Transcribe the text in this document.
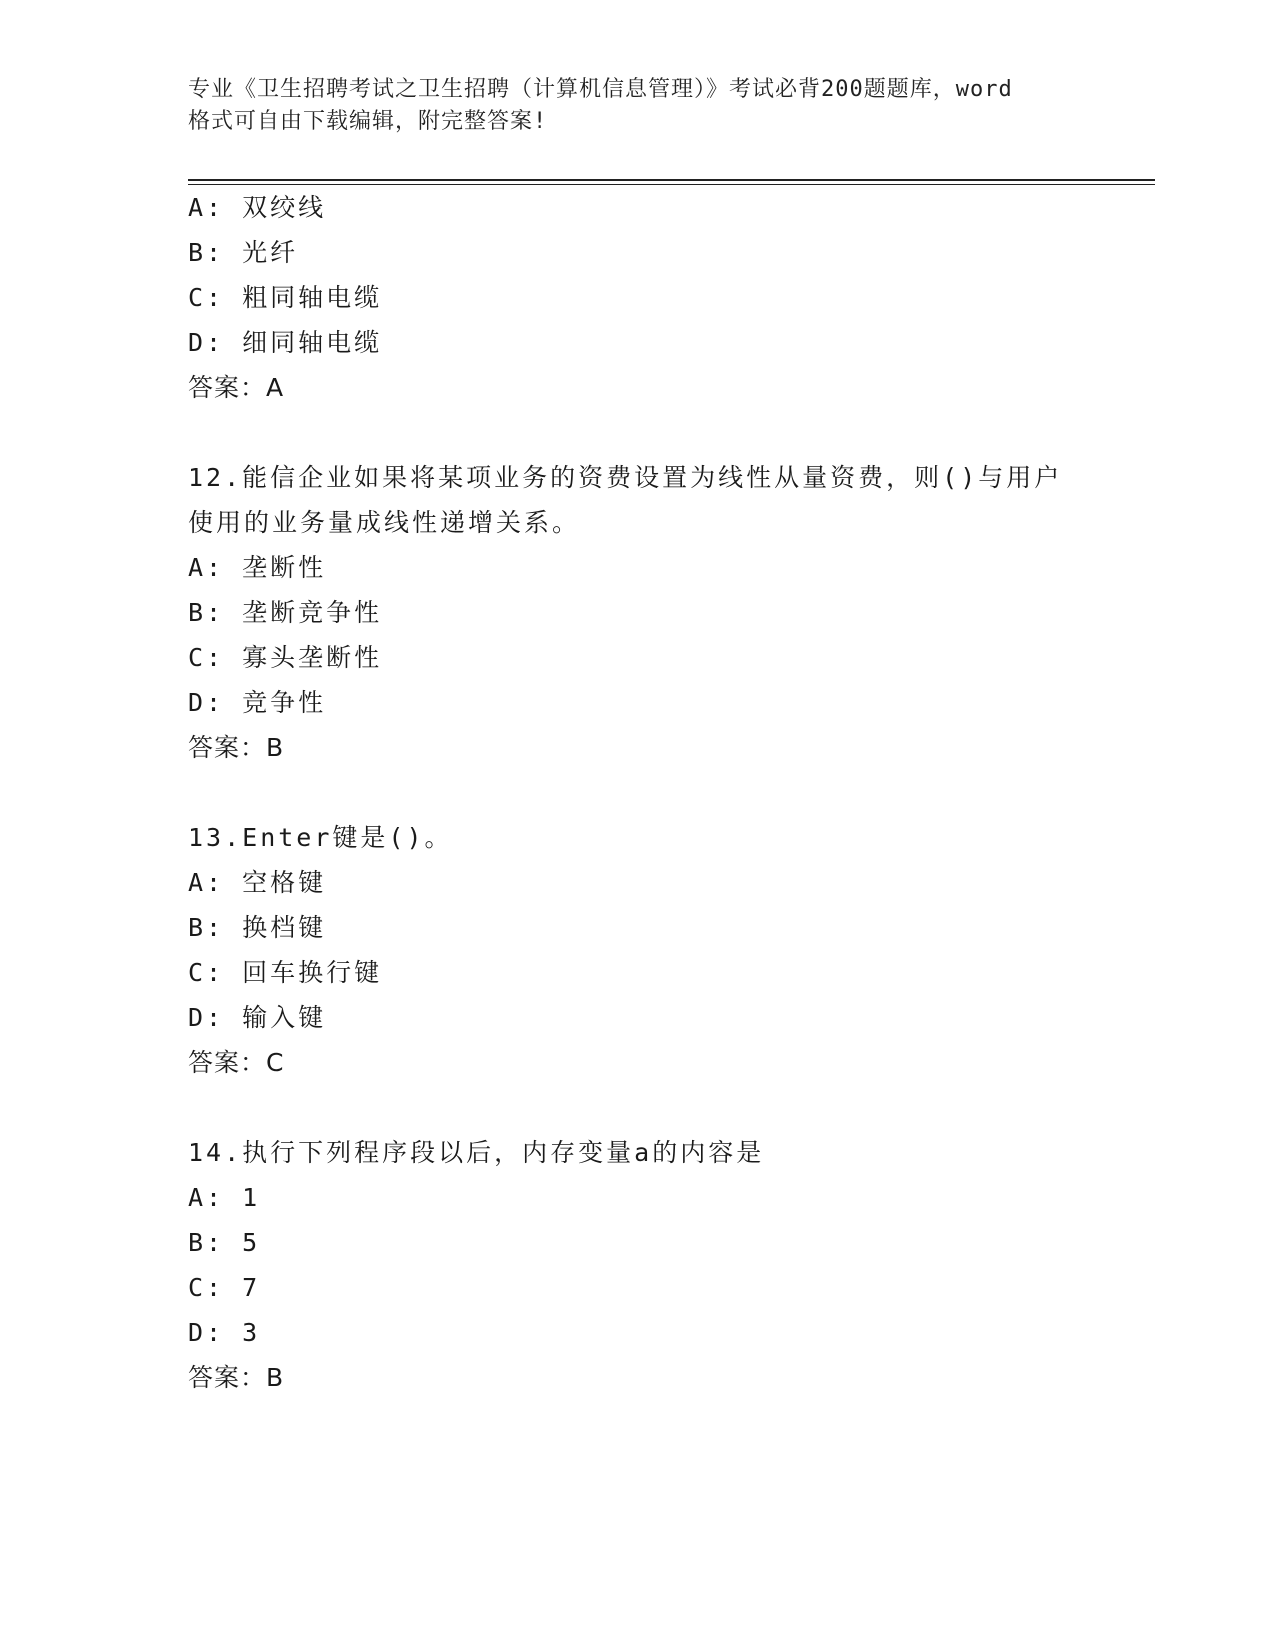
专业《卫生招聘考试之卫生招聘（计算机信息管理）》考试必背200题题库，word
格式可自由下载编辑，附完整答案!
A: 双绞线
B: 光纤
C: 粗同轴电缆
D: 细同轴电缆
答案：A
12.能信企业如果将某项业务的资费设置为线性从量资费，则()与用户
使用的业务量成线性递增关系。
A: 垄断性
B: 垄断竞争性
C: 寡头垄断性
D: 竞争性
答案：B
13.Enter键是()。
A: 空格键
B: 换档键
C: 回车换行键
D: 输入键
答案：C
14.执行下列程序段以后，内存变量a的内容是
A: 1
B: 5
C: 7
D: 3
答案：B
